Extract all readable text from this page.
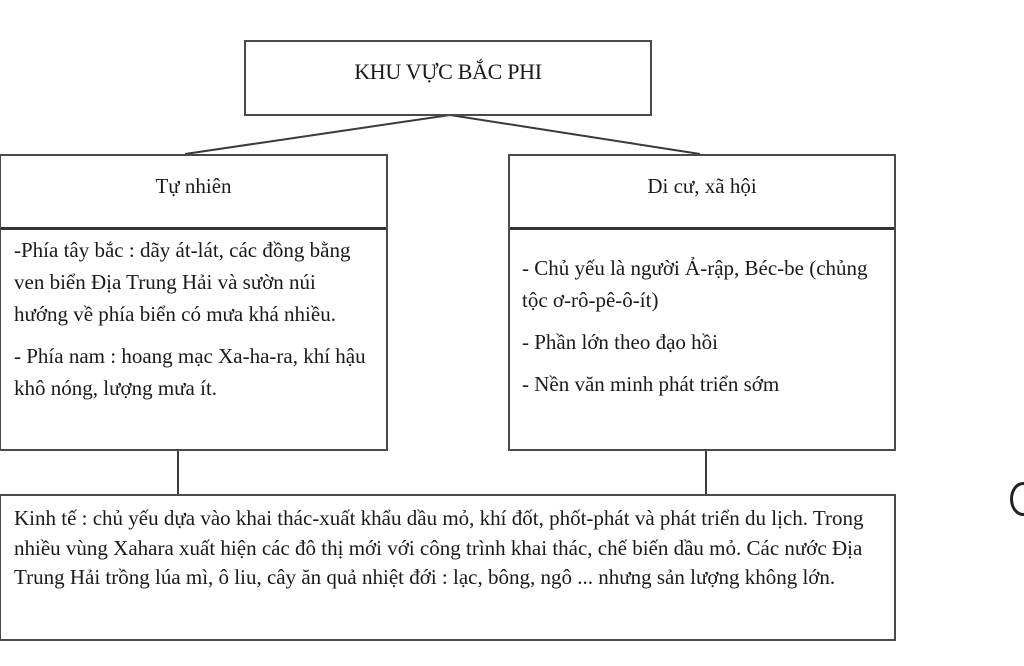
KHU VỰC BẮC PHI
Tự nhiên

-Phía tây bắc : dãy át-lát, các đồng bằng ven biển Địa Trung Hải và sườn núi hướng về phía biển có mưa khá nhiều.

- Phía nam : hoang mạc Xa-ha-ra, khí hậu khô nóng, lượng mưa ít.

Di cư, xã hội

- Chủ yếu là người Ả-rập, Béc-be (chủng tộc ơ-rô-pê-ô-ít)

- Phần lớn theo đạo hồi

- Nền văn minh phát triển sớm

Kinh tế : chủ yếu dựa vào khai thác-xuất khẩu dầu mỏ, khí đốt, phốt-phát và phát triển du lịch. Trong nhiều vùng Xahara xuất hiện các đô thị mới với công trình khai thác, chế biến dầu mỏ. Các nước Địa Trung Hải trồng lúa mì, ô liu, cây ăn quả nhiệt đới : lạc, bông, ngô ... nhưng sản lượng không lớn.
